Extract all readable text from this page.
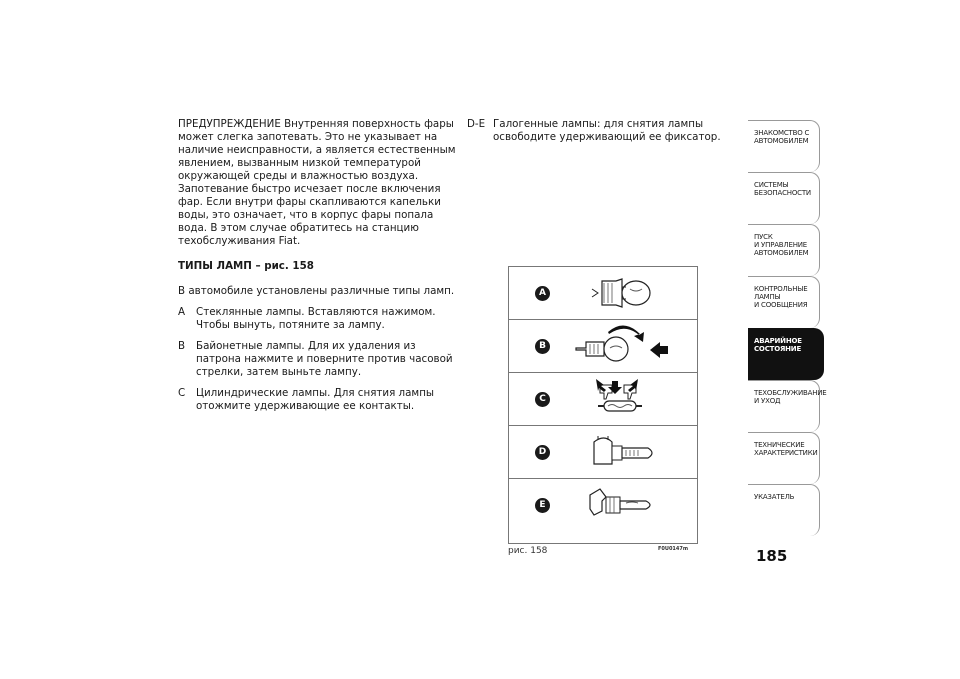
ПРЕДУПРЕЖДЕНИЕ Внутренняя поверхность фары может слегка запотевать. Это не указывает на наличие неисправности, а является естественным явлением, вызванным низкой температурой окружающей среды и влажностью воздуха. Запотевание быстро исчезает после включения фар. Если внутри фары скапливаются капельки воды, это означает, что в корпус фары попала вода. В этом случае обратитесь на станцию техобслуживания Fiat.

ТИПЫ ЛАМП – рис. 158

В автомобиле установлены различные типы ламп.

A	Стеклянные лампы. Вставляются нажимом. Чтобы вынуть, потяните за лампу.
B	Байонетные лампы. Для их удаления из патрона нажмите и поверните против часовой стрелки, затем выньте лампу.
C	Цилиндрические лампы. Для снятия лампы отожмите удерживающие ее контакты.
D-E Галогенные лампы: для снятия лампы освободите удерживающий ее фиксатор.
A
B
C
D
E
рис. 158	F0U0147m
ЗНАКОМСТВО С
АВТОМОБИЛЕМ
СИСТЕМЫ
БЕЗОПАСНОСТИ
ПУСК
И УПРАВЛЕНИЕ
АВТОМОБИЛЕМ
КОНТРОЛЬНЫЕ
ЛАМПЫ
И СООБЩЕНИЯ
АВАРИЙНОЕ
СОСТОЯНИЕ
ТЕХОБСЛУЖИВАНИЕ
И УХОД
ТЕХНИЧЕСКИЕ
ХАРАКТЕРИСТИКИ
УКАЗАТЕЛЬ
185
